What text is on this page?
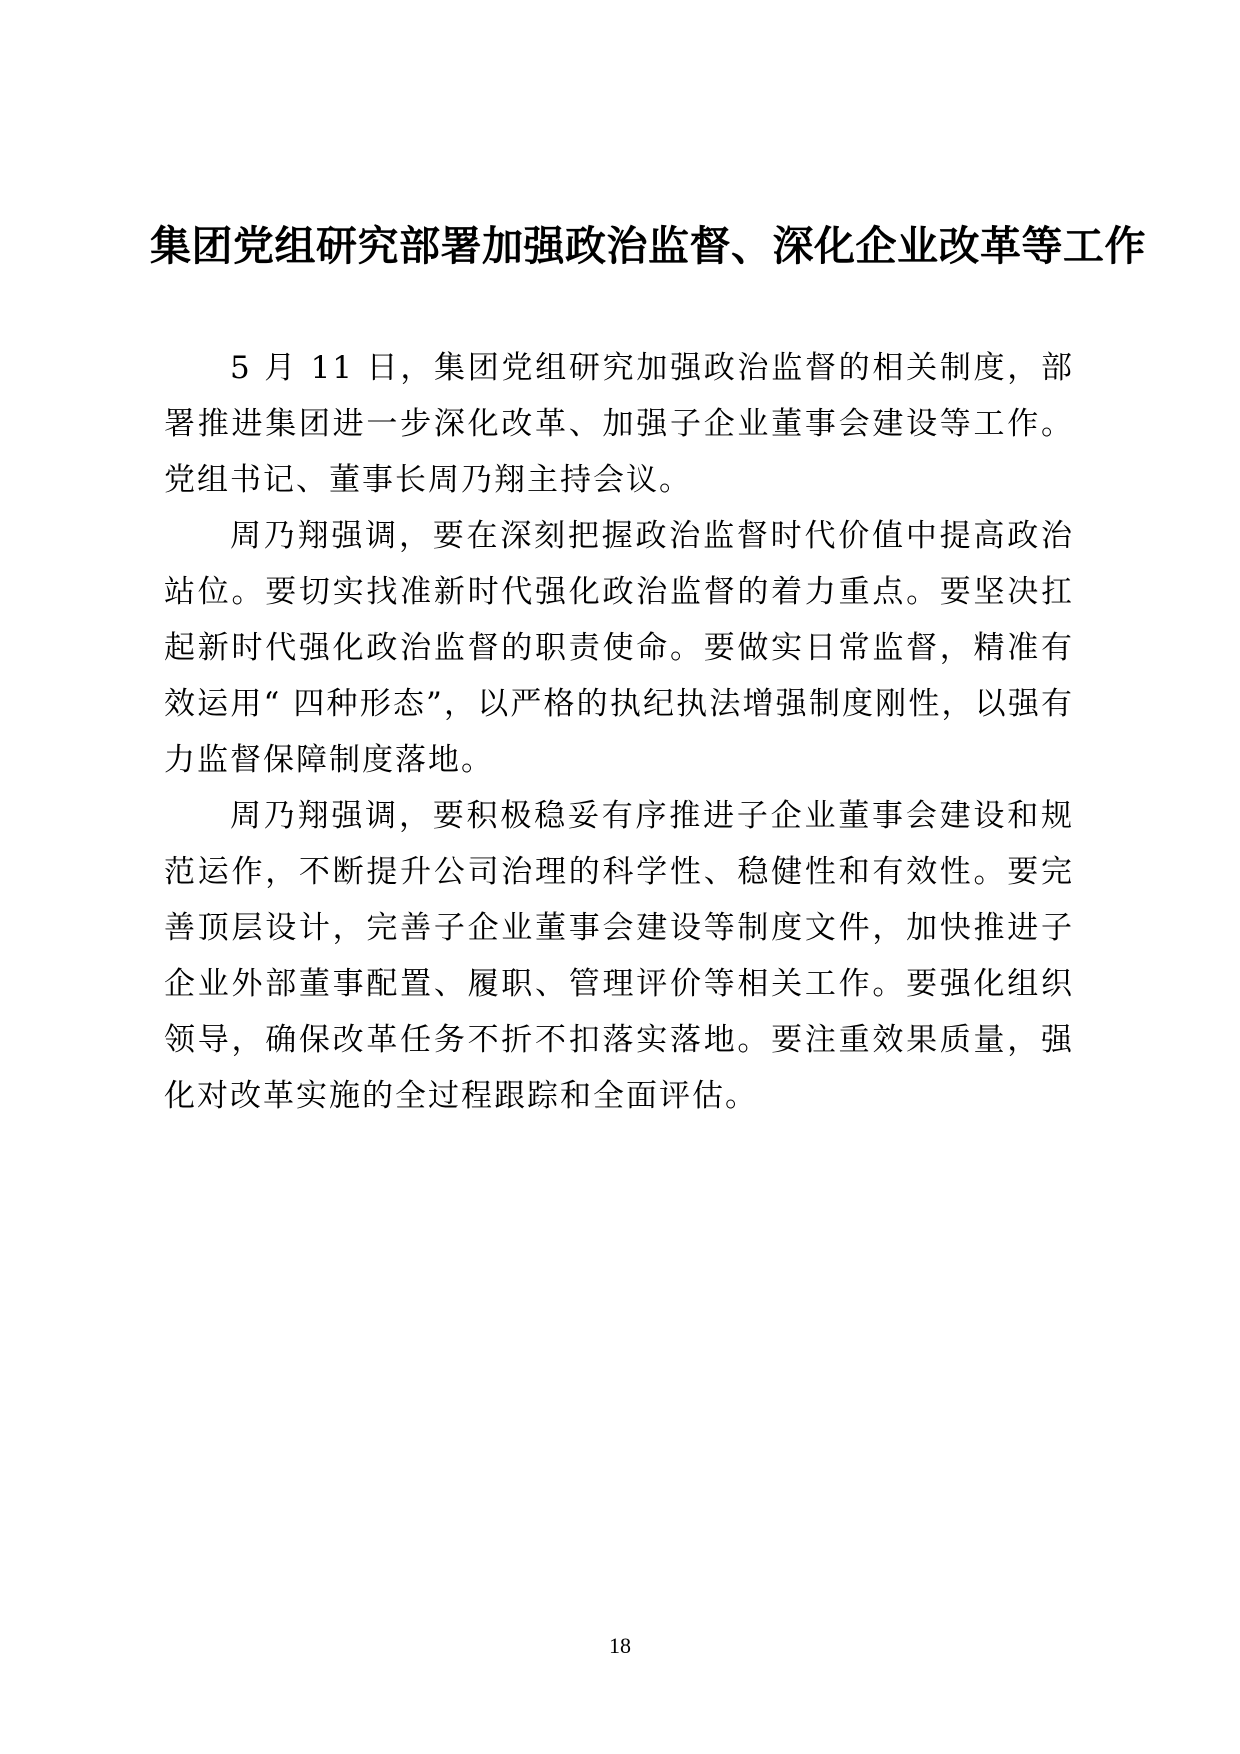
集团党组研究部署加强政治监督、深化企业改革等工作

5 月 11 日，集团党组研究加强政治监督的相关制度，部署推进集团进一步深化改革、加强子企业董事会建设等工作。党组书记、董事长周乃翔主持会议。

周乃翔强调，要在深刻把握政治监督时代价值中提高政治站位。要切实找准新时代强化政治监督的着力重点。要坚决扛起新时代强化政治监督的职责使命。要做实日常监督，精准有效运用“ 四种形态”，以严格的执纪执法增强制度刚性，以强有力监督保障制度落地。

周乃翔强调，要积极稳妥有序推进子企业董事会建设和规范运作，不断提升公司治理的科学性、稳健性和有效性。要完善顶层设计，完善子企业董事会建设等制度文件，加快推进子企业外部董事配置、履职、管理评价等相关工作。要强化组织领导，确保改革任务不折不扣落实落地。要注重效果质量，强化对改革实施的全过程跟踪和全面评估。

18
